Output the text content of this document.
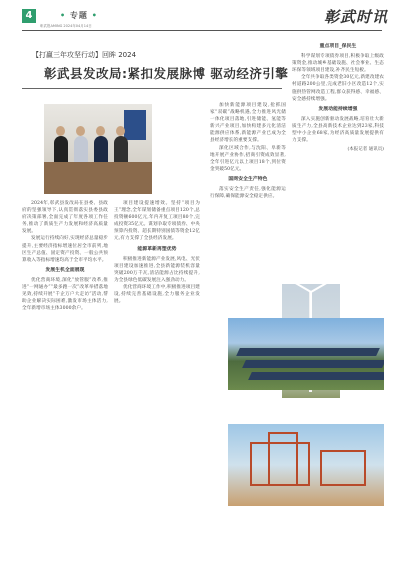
4	• 专题 •
彰武报AMING 2024年04月14日	彰武时讯
【打赢三年攻坚行动】回眸 2024
彰武县发改局:紧扣发展脉博 驱动经济引擎

2024年,彰武县发改局在县委、县政府的坚强领导下,认真贯彻落实县委县政府决策部署,全面完成了年度各项工作任务,推动了新质生产力发展和经济高质量发展。

发展运行持续向好,实现经济总量稳步提升,主要经济指标增速位居全市前列,地区生产总值、固定资产投资、一般公共预算收入等指标增速均高于全市平均水平。

发展生机全面展现

优化营商环境,深化“放管服”改革,推进“一网通办”“最多跑一次”改革举措落地见效,持续开展“千企万户大走访”活动,帮助企业解决实际困难,激发市场主体活力,全年新增市场主体3000余户。

项目建设提速增效。坚持“项目为王”理念,全年谋划储备重点项目120个,总投资额600亿元,年内开复工项目80个,完成投资35亿元。谋划争取专项债券、中央预算内投资、超长期特别国债等资金12亿元,有力支撑了全县经济发展。

能源革新再塑优势

积极推进新能源产业发展,风电、光伏项目建设加速推进,全县新能源装机容量突破200万千瓦,清洁能源占比持续提升,为全县绿色低碳发展注入强劲动力。

优化营商环境工作中,积极推进项目建设,持续完善基础设施,全力服务企业发展。

加快新能源项目建设,抢抓国家“双碳”战略机遇,全力推进风光储一体化项目落地,引进储能、氢能等新兴产业项目,加快构建多元化清洁能源供应体系,新能源产业已成为全县经济增长的重要支撑。

深化区域合作,与沈阳、阜新等地开展产业协作,招商引资成效显著,全年引进亿元以上项目18个,到位资金突破50亿元。

国网安全生产特色

落实安全生产责任,强化能源运行保障,确保能源安全稳定供应。

重点项目_保民生

科学谋划专项债券项目,积极争取上级政策资金,推动城乡基础设施、社会事业、生态环保等领域项目建设,补齐民生短板。

全年共争取各类资金30亿元,新建改建农村道路200公里,完成老旧小区改造12个,实施供热管网改造工程,群众获得感、幸福感、安全感持续增强。

发展动能持续增强

深入实施创新驱动发展战略,培育壮大新质生产力,全县高新技术企业达到23家,科技型中小企业68家,为经济高质量发展提供有力支撑。

(本报记者 通讯员)
